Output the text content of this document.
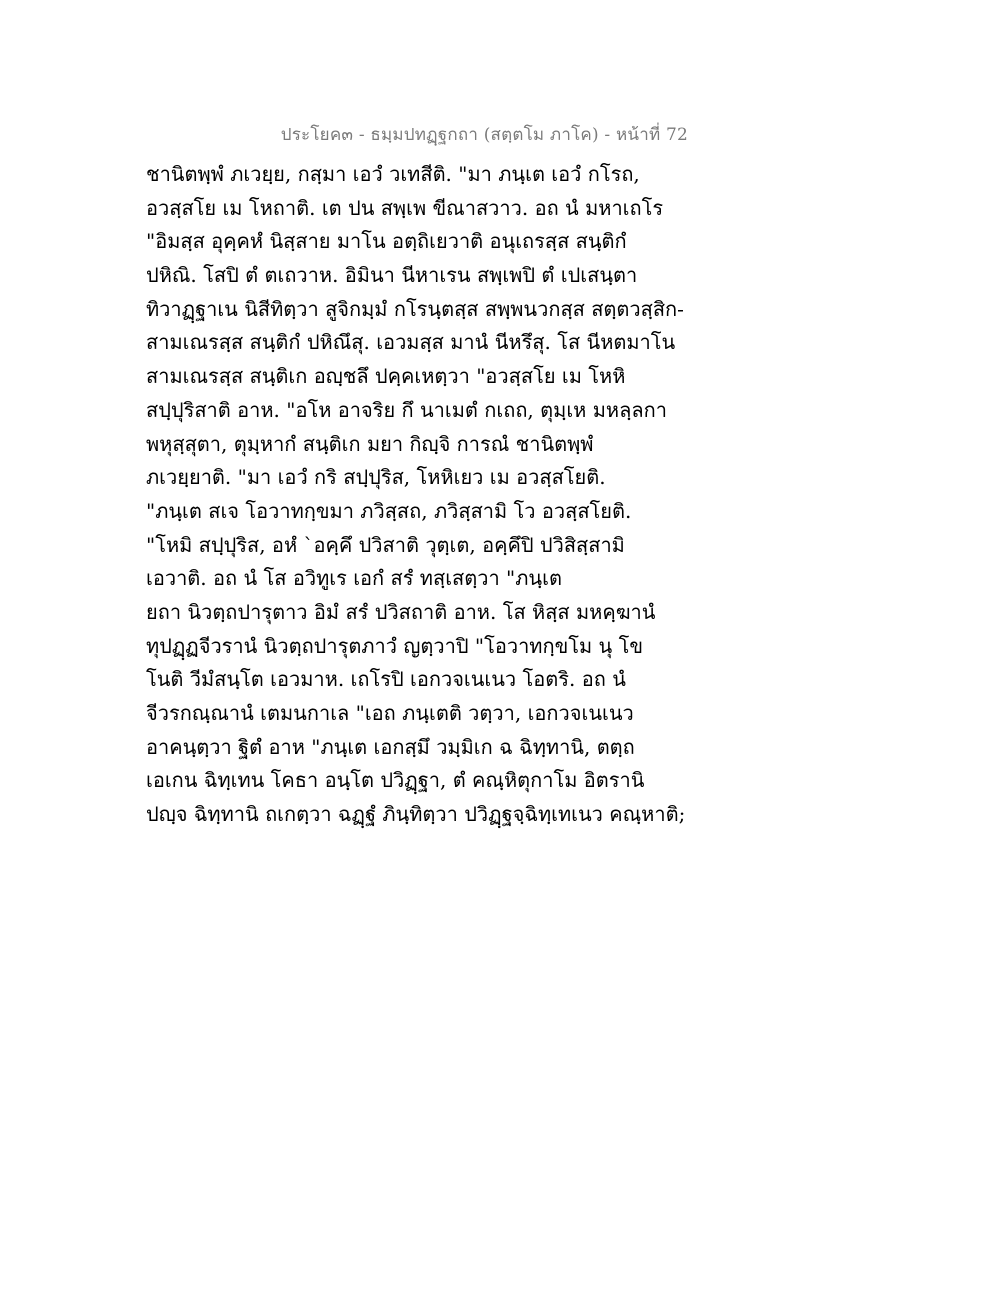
ประโยค๓ - ธมฺมปทฏฺฐกถา (สตฺตโม ภาโค) - หน้าที่ 72
ชานิตพฺพํ ภเวยฺย, กสฺมา เอวํ วเทสีติ. "มา ภนฺเต เอวํ กโรถ,
อวสฺสโย เม โหถาติ. เต ปน สพฺเพ ขีณาสวาว. อถ นํ มหาเถโร
"อิมสฺส อุคฺคหํ นิสฺสาย มาโน อตฺถิเยวาติ อนุเถรสฺส สนฺติกํ
ปหิณิ. โสปิ ตํ ตเถวาห. อิมินา นีหาเรน สพฺเพปิ ตํ เปเสนฺตา
ทิวาฏฺฐาเน นิสีทิตฺวา สูจิกมฺมํ กโรนฺตสฺส สพฺพนวกสฺส สตฺตวสฺสิก-
สามเณรสฺส สนฺติกํ ปหิณึสุ. เอวมสฺส มานํ นีหรึสุ. โส นีหตมาโน
สามเณรสฺส สนฺติเก อญฺชลึ ปคฺคเหตฺวา "อวสฺสโย เม โหหิ
สปฺปุริสาติ อาห. "อโห อาจริย กึ นาเมตํ กเถถ, ตุมฺเห มหลฺลกา
พหุสฺสุตา, ตุมฺหากํ สนฺติเก มยา กิญฺจิ การณํ ชานิตพฺพํ
ภเวยฺยาติ. "มา เอวํ กริ สปฺปุริส, โหหิเยว เม อวสฺสโยติ.
"ภนฺเต สเจ โอวาทกฺขมา ภวิสฺสถ, ภวิสฺสามิ โว อวสฺสโยติ.
"โหมิ สปฺปุริส, อหํ `อคฺคึ ปวิสาติ วุตฺเต, อคฺคึปิ ปวิสิสฺสามิ
เอวาติ. อถ นํ โส อวิทูเร เอกํ สรํ ทสฺเสตฺวา "ภนฺเต
ยถา นิวตฺถปารุตาว อิมํ สรํ ปวิสถาติ อาห. โส หิสฺส มหคฺฆานํ
ทุปฏฺฏจีวรานํ นิวตฺถปารุตภาวํ ญตฺวาปิ "โอวาทกฺขโม นุ โข
โนติ วีมํสนฺโต เอวมาห. เถโรปิ เอกวจเนเนว โอตริ. อถ นํ
จีวรกณฺณานํ เตมนกาเล "เอถ ภนฺเตติ วตฺวา, เอกวจเนเนว
อาคนฺตฺวา ฐิตํ อาห "ภนฺเต เอกสฺมึ วมฺมิเก ฉ ฉิทฺทานิ, ตตฺถ
เอเกน ฉิทฺเทน โคธา อนฺโต ปวิฏฺฐา, ตํ คณฺหิตุกาโม อิตรานิ
ปญฺจ ฉิทฺทานิ ถเกตฺวา ฉฏฺฐํ ภินฺทิตฺวา ปวิฏฺฐจฺฉิทฺเทเนว คณฺหาติ;
